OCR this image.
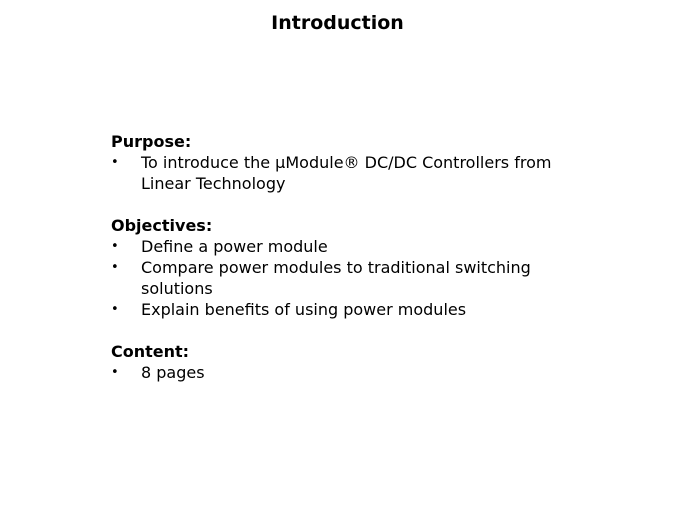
Introduction

Purpose:

• To introduce the µModule® DC/DC Controllers from Linear Technology

Objectives:

• Define a power module
• Compare power modules to traditional switching solutions
• Explain benefits of using power modules

Content:

• 8 pages
